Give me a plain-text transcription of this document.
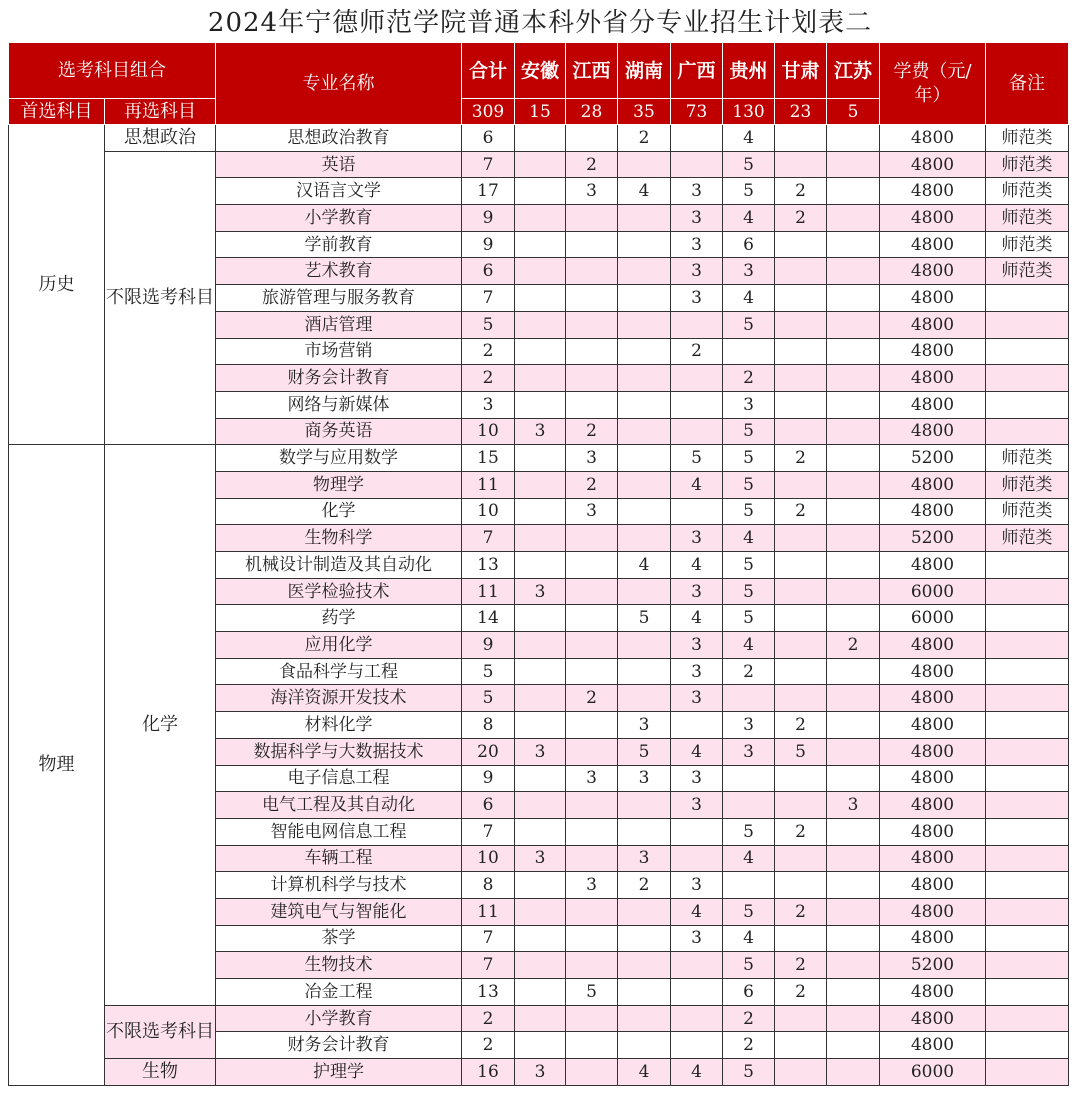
2024年宁德师范学院普通本科外省分专业招生计划表二
选考科目组合		专业名称	合计	安徽	江西	湖南	广西	贵州	甘肃	江苏	学费（元/年）	备注
首选科目	再选科目		309	15	28	35	73	130	23	5		
历史	思想政治	思想政治教育	6			2		4			4800	师范类
	不限选考科目	英语	7		2			5			4800	师范类
		汉语言文学	17		3	4	3	5	2		4800	师范类
		小学教育	9				3	4	2		4800	师范类
		学前教育	9				3	6			4800	师范类
		艺术教育	6				3	3			4800	师范类
		旅游管理与服务教育	7				3	4			4800	
		酒店管理	5					5			4800	
		市场营销	2				2				4800	
		财务会计教育	2					2			4800	
		网络与新媒体	3					3			4800	
		商务英语	10	3	2			5			4800	
物理	化学	数学与应用数学	15		3		5	5	2		5200	师范类
		物理学	11		2		4	5			4800	师范类
		化学	10		3			5	2		4800	师范类
		生物科学	7				3	4			5200	师范类
		机械设计制造及其自动化	13			4	4	5			4800	
		医学检验技术	11	3			3	5			6000	
		药学	14			5	4	5			6000	
		应用化学	9				3	4		2	4800	
		食品科学与工程	5				3	2			4800	
		海洋资源开发技术	5		2		3				4800	
		材料化学	8			3		3	2		4800	
		数据科学与大数据技术	20	3		5	4	3	5		4800	
		电子信息工程	9		3	3	3				4800	
		电气工程及其自动化	6				3			3	4800	
		智能电网信息工程	7					5	2		4800	
		车辆工程	10	3		3		4			4800	
		计算机科学与技术	8		3	2	3				4800	
		建筑电气与智能化	11				4	5	2		4800	
		茶学	7				3	4			4800	
		生物技术	7					5	2		5200	
		冶金工程	13		5			6	2		4800	
	不限选考科目	小学教育	2					2			4800	
		财务会计教育	2					2			4800	
	生物	护理学	16	3		4	4	5			6000	
